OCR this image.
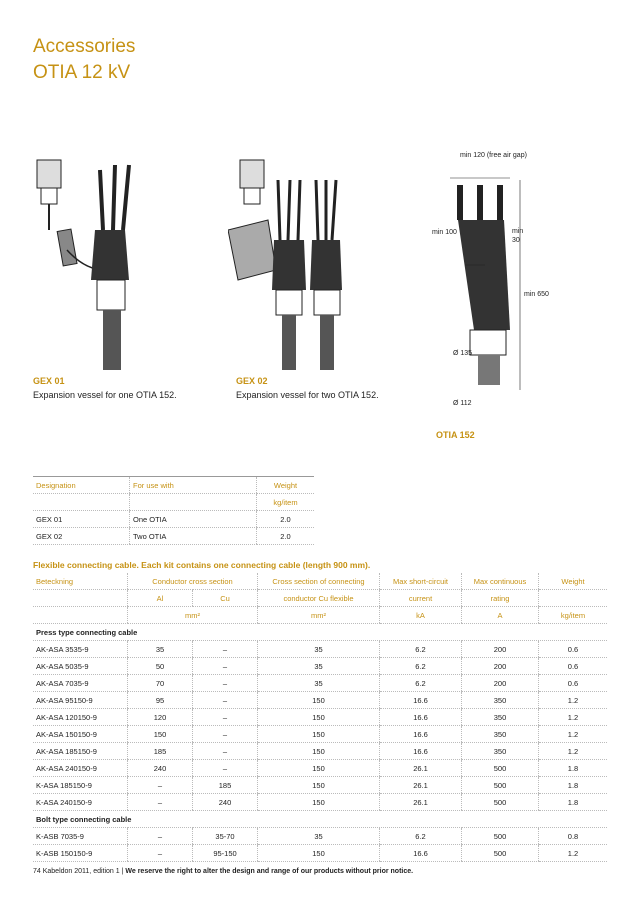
Accessories
OTIA 12 kV
min 120 (free air gap)
min 100	min
30
min 650
Ø 135
Ø 112
GEX 01
Expansion vessel for one OTIA 152.
GEX 02
Expansion vessel for two OTIA 152.
OTIA 152
Designation	For use with	Weight
		kg/item
GEX 01	One OTIA	2.0
GEX 02	Two OTIA	2.0
Flexible connecting cable. Each kit contains one connecting cable (length 900 mm).
Beteckning	Conductor cross section		Cross section of connecting	Max short-circuit	Max continuous	Weight
	Al	Cu	conductor Cu flexible	current	rating	
	mm²		mm²	kA	A	kg/item
Press type connecting cable						
AK-ASA 3535-9	35	–	35	6.2	200	0.6
AK-ASA 5035-9	50	–	35	6.2	200	0.6
AK-ASA 7035-9	70	–	35	6.2	200	0.6
AK-ASA 95150-9	95	–	150	16.6	350	1.2
AK-ASA 120150-9	120	–	150	16.6	350	1.2
AK-ASA 150150-9	150	–	150	16.6	350	1.2
AK-ASA 185150-9	185	–	150	16.6	350	1.2
AK-ASA 240150-9	240	–	150	26.1	500	1.8
K-ASA 185150-9	–	185	150	26.1	500	1.8
K-ASA 240150-9	–	240	150	26.1	500	1.8
Bolt type connecting cable						
K-ASB 7035-9	–	35-70	35	6.2	500	0.8
K-ASB 150150-9	–	95-150	150	16.6	500	1.2
74 Kabeldon 2011, edition 1 | We reserve the right to alter the design and range of our products without prior notice.
